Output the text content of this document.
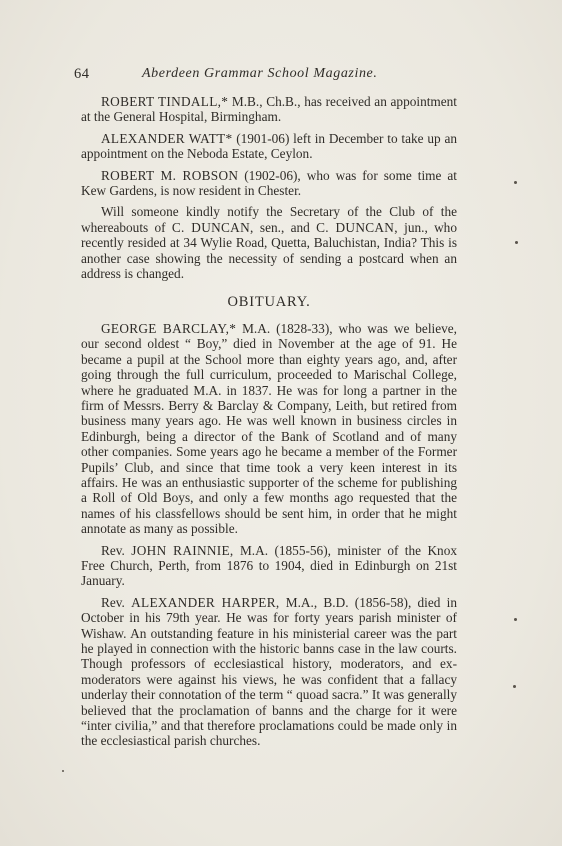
64	Aberdeen Grammar School Magazine.

ROBERT TINDALL,* M.B., Ch.B., has received an appointment at the General Hospital, Birmingham.

ALEXANDER WATT* (1901-06) left in December to take up an appointment on the Neboda Estate, Ceylon.

ROBERT M. ROBSON (1902-06), who was for some time at Kew Gardens, is now resident in Chester.

Will someone kindly notify the Secretary of the Club of the whereabouts of C. DUNCAN, sen., and C. DUNCAN, jun., who recently resided at 34 Wylie Road, Quetta, Baluchistan, India? This is another case showing the necessity of sending a postcard when an address is changed.

OBITUARY.

GEORGE BARCLAY,* M.A. (1828-33), who was we believe, our second oldest “ Boy,” died in November at the age of 91. He became a pupil at the School more than eighty years ago, and, after going through the full curriculum, proceeded to Marischal College, where he graduated M.A. in 1837. He was for long a partner in the firm of Messrs. Berry & Barclay & Company, Leith, but retired from business many years ago. He was well known in business circles in Edinburgh, being a director of the Bank of Scotland and of many other companies. Some years ago he became a member of the Former Pupils’ Club, and since that time took a very keen interest in its affairs. He was an enthusiastic supporter of the scheme for publishing a Roll of Old Boys, and only a few months ago requested that the names of his classfellows should be sent him, in order that he might annotate as many as possible.

Rev. JOHN RAINNIE, M.A. (1855-56), minister of the Knox Free Church, Perth, from 1876 to 1904, died in Edinburgh on 21st January.

Rev. ALEXANDER HARPER, M.A., B.D. (1856-58), died in October in his 79th year. He was for forty years parish minister of Wishaw. An outstanding feature in his ministerial career was the part he played in connection with the historic banns case in the law courts. Though professors of ecclesiastical history, moderators, and ex-moderators were against his views, he was confident that a fallacy underlay their connotation of the term “ quoad sacra.” It was generally believed that the proclamation of banns and the charge for it were “inter civilia,” and that therefore proclamations could be made only in the ecclesiastical parish churches.
